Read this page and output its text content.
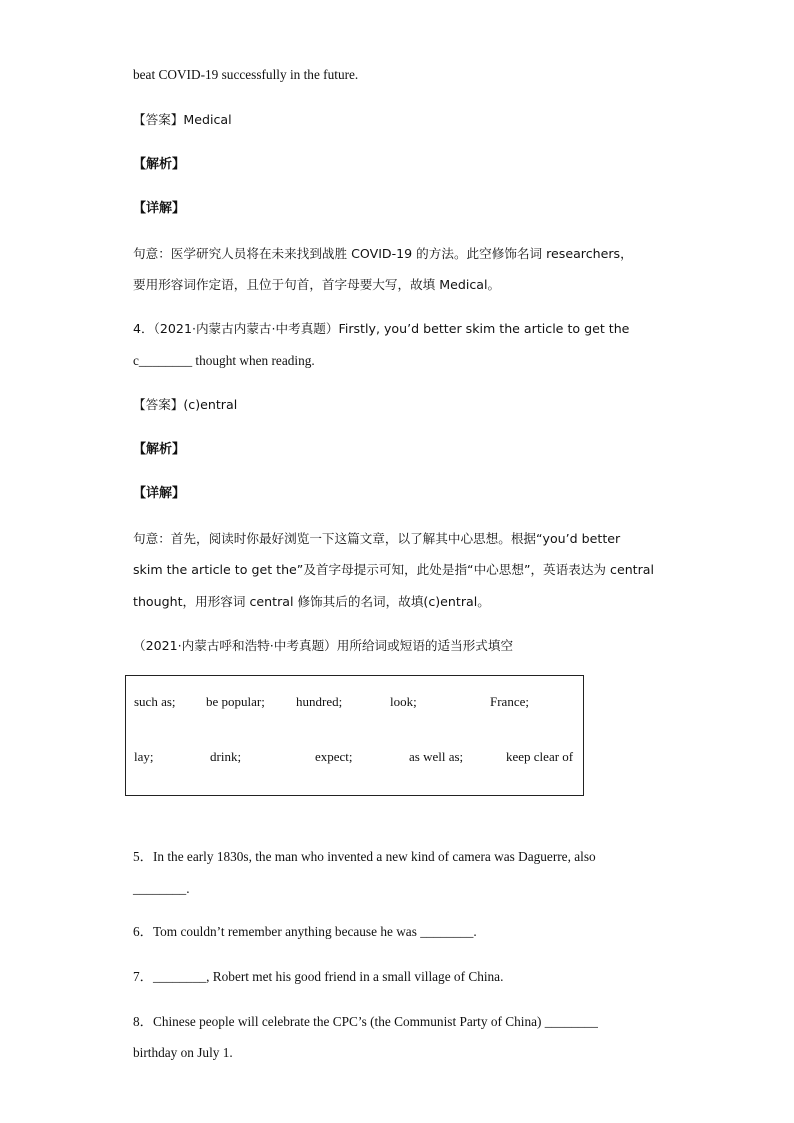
beat COVID-19 successfully in the future.
【答案】Medical
【解析】
【详解】
句意：医学研究人员将在未来找到战胜 COVID-19 的方法。此空修饰名词 researchers，
要用形容词作定语，且位于句首，首字母要大写，故填 Medical。
4．（2021·内蒙古内蒙古·中考真题）Firstly, you’d better skim the article to get the
c________ thought when reading.
【答案】(c)entral
【解析】
【详解】
句意：首先，阅读时你最好浏览一下这篇文章，以了解其中心思想。根据“you’d better
skim the article to get the”及首字母提示可知，此处是指“中心思想”，英语表达为 central
thought，用形容词 central 修饰其后的名词，故填(c)entral。
（2021·内蒙古呼和浩特·中考真题）用所给词或短语的适当形式填空
such as; be popular; hundred;	look;	France;
lay;	drink;	expect;	as well as;	keep clear of
5．In the early 1830s, the man who invented a new kind of camera was Daguerre, also
________.
6．Tom couldn’t remember anything because he was ________.
7．________, Robert met his good friend in a small village of China.
8．Chinese people will celebrate the CPC’s (the Communist Party of China) ________
birthday on July 1.
